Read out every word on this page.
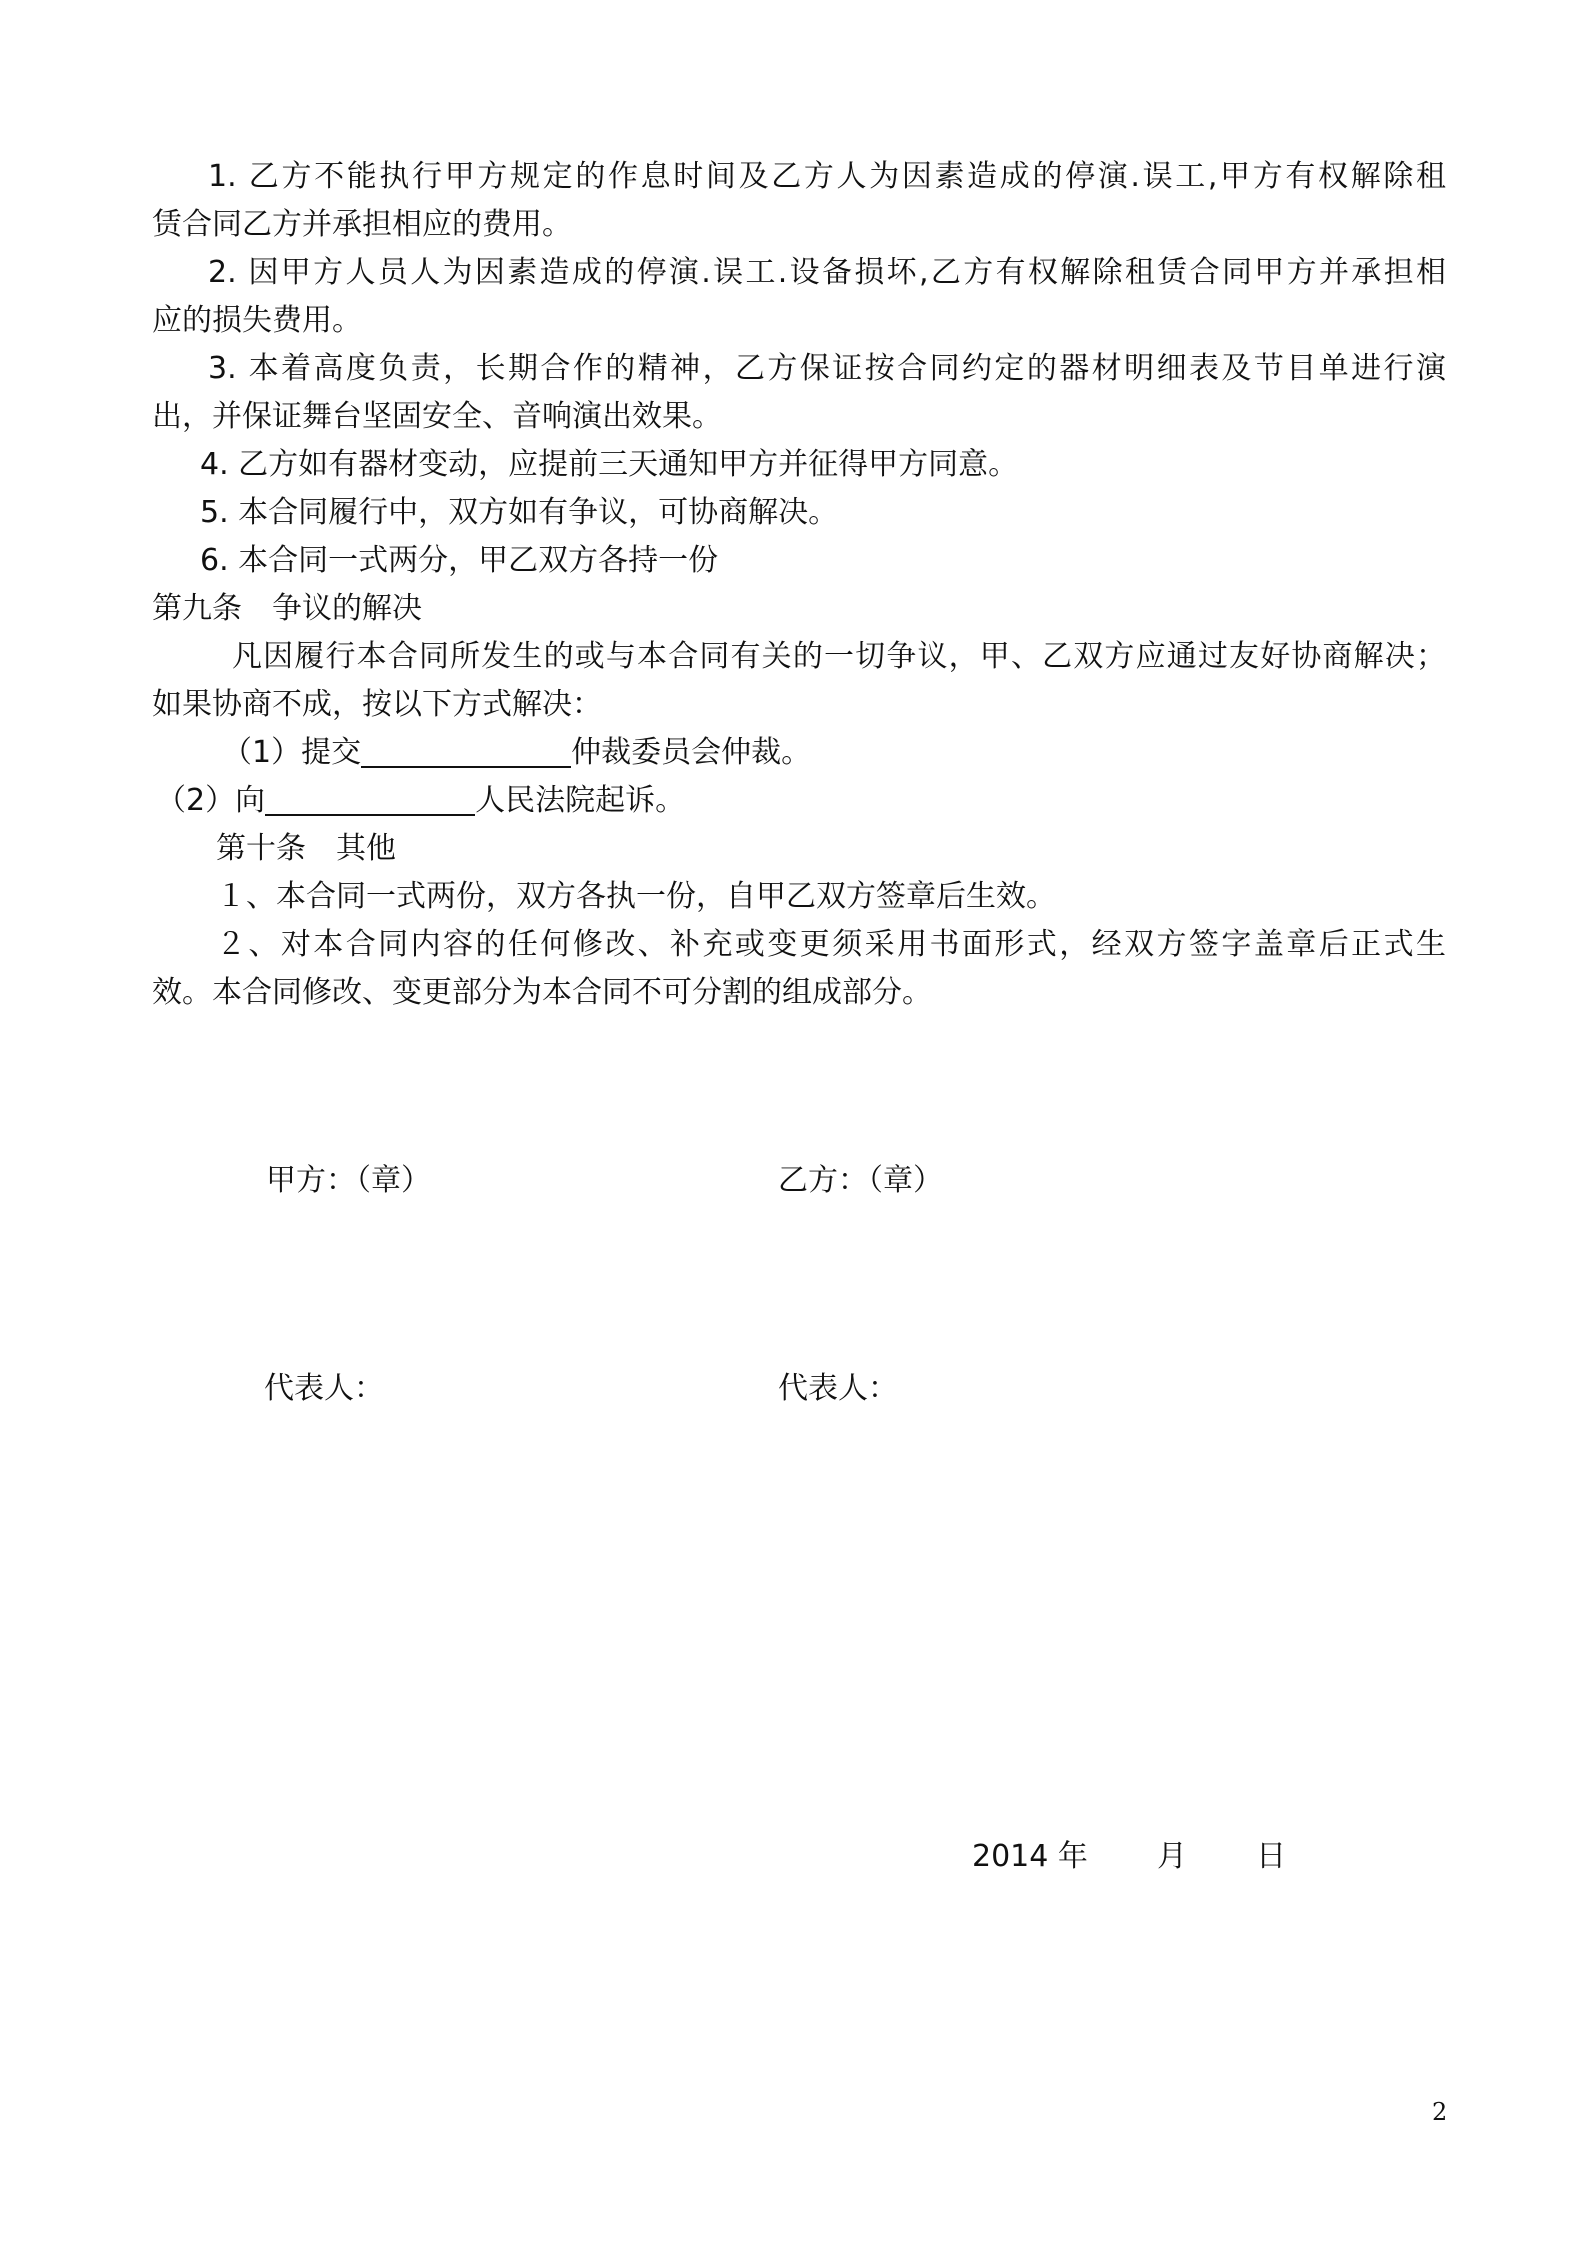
1. 乙方不能执行甲方规定的作息时间及乙方人为因素造成的停演.误工,甲方有权解除租
赁合同乙方并承担相应的费用。
2. 因甲方人员人为因素造成的停演.误工.设备损坏,乙方有权解除租赁合同甲方并承担相
应的损失费用。
3. 本着高度负责，长期合作的精神，乙方保证按合同约定的器材明细表及节目单进行演
出，并保证舞台坚固安全、音响演出效果。
4. 乙方如有器材变动，应提前三天通知甲方并征得甲方同意。
5. 本合同履行中，双方如有争议，可协商解决。
6. 本合同一式两分，甲乙双方各持一份
第九条　争议的解决
凡因履行本合同所发生的或与本合同有关的一切争议，甲、乙双方应通过友好协商解决；
如果协商不成，按以下方式解决：
（1）提交	仲裁委员会仲裁。
（2）向	人民法院起诉。
第十条　其他
１、本合同一式两份，双方各执一份，自甲乙双方签章后生效。
２、对本合同内容的任何修改、补充或变更须采用书面形式，经双方签字盖章后正式生
效。本合同修改、变更部分为本合同不可分割的组成部分。
甲方：（章）	乙方：（章）
代表人：	代表人：
2014 年 月 日
2
